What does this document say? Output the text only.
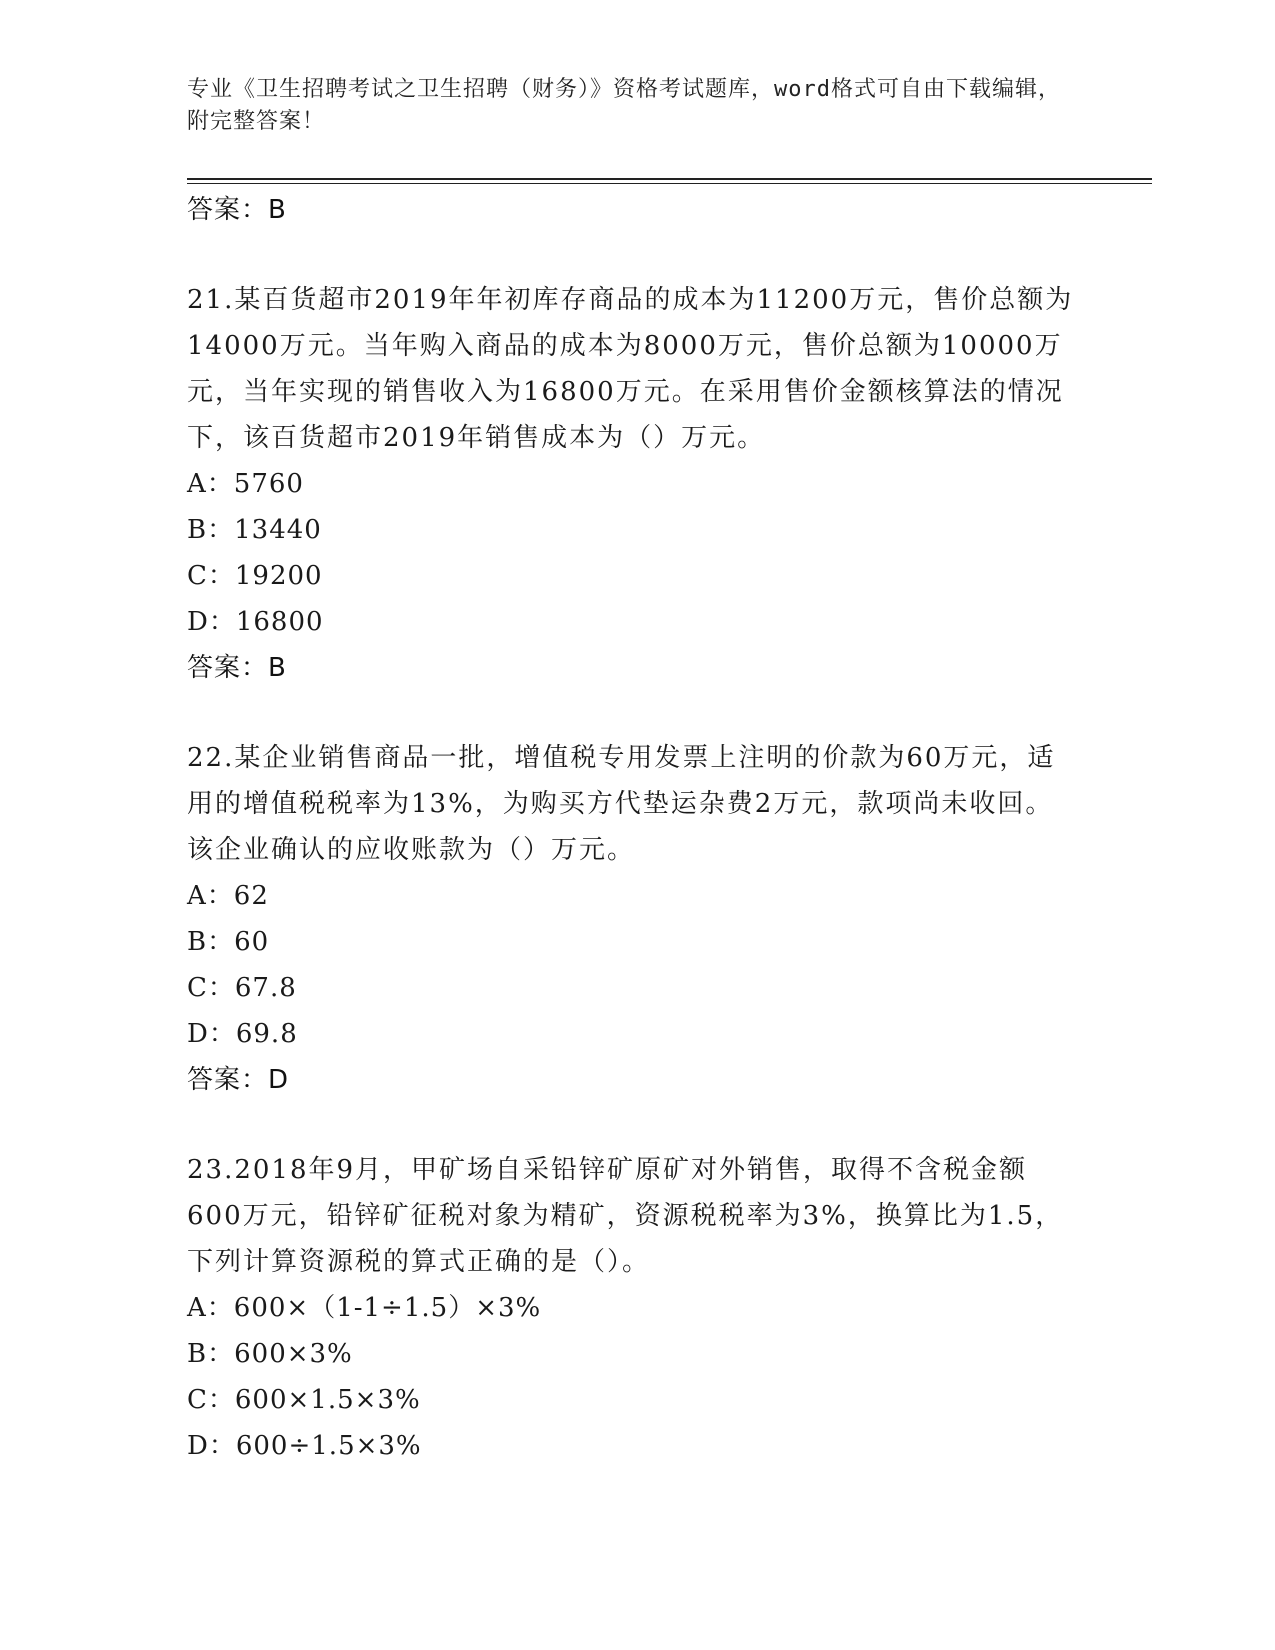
专业《卫生招聘考试之卫生招聘（财务）》资格考试题库，word格式可自由下载编辑，附完整答案！

答案：B

21.某百货超市2019年年初库存商品的成本为11200万元，售价总额为14000万元。当年购入商品的成本为8000万元，售价总额为10000万元，当年实现的销售收入为16800万元。在采用售价金额核算法的情况下，该百货超市2019年销售成本为（）万元。

A：5760

B：13440

C：19200

D：16800

答案：B

22.某企业销售商品一批，增值税专用发票上注明的价款为60万元，适用的增值税税率为13%，为购买方代垫运杂费2万元，款项尚未收回。该企业确认的应收账款为（）万元。

A：62

B：60

C：67.8

D：69.8

答案：D

23.2018年9月，甲矿场自采铅锌矿原矿对外销售，取得不含税金额600万元，铅锌矿征税对象为精矿，资源税税率为3%，换算比为1.5，下列计算资源税的算式正确的是（）。

A：600×（1-1÷1.5）×3%

B：600×3%

C：600×1.5×3%

D：600÷1.5×3%
